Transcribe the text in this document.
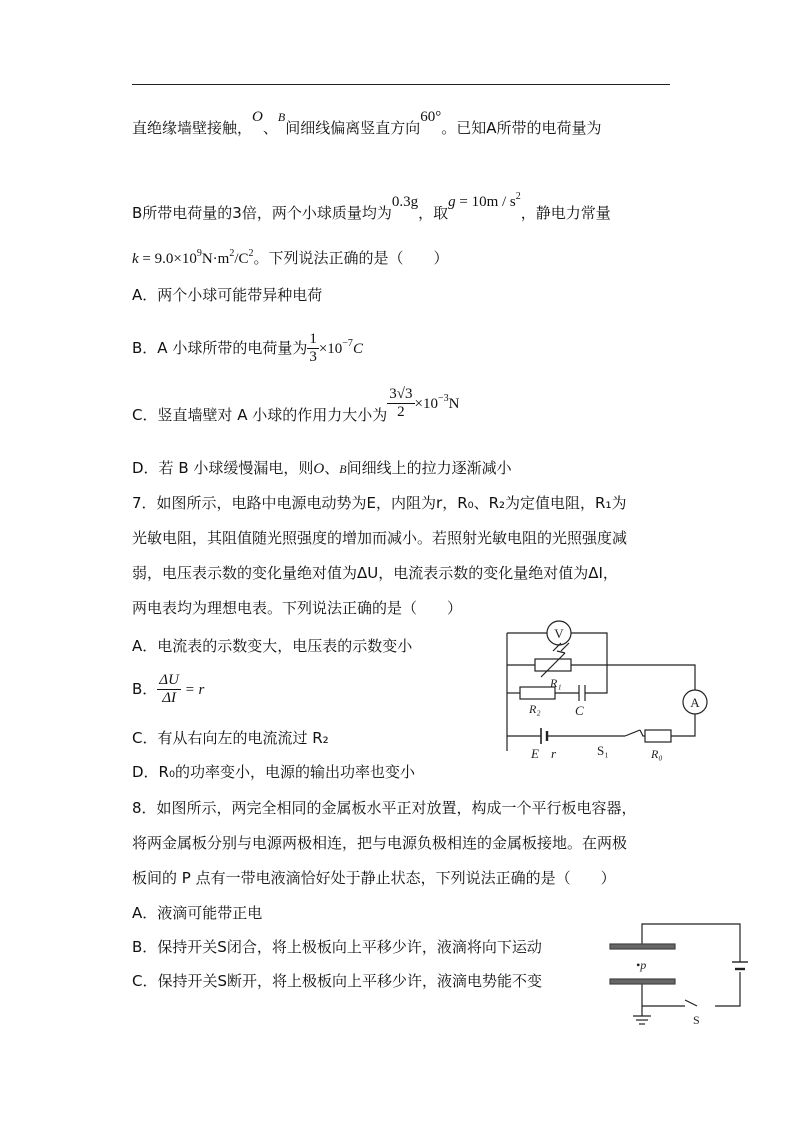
直绝缘墙壁接触，O、$^B$间细线偏离竖直方向60°。已知A所带的电荷量为
B所带电荷量的3倍，两个小球质量均为0.3g，取$g = 10m / s^2$，静电力常量
$k = 9.0\times 10^9N\cdot m^2/C^2$。下列说法正确的是（　　）
A．两个小球可能带异种电荷
B．A 小球所带的电荷量为 $\frac{1}{3} \times 10^{-7}C$
C．竖直墙壁对 A 小球的作用力大小为 $\frac{3√3}{2} \times 10^{-3}N$
D．若 B 小球缓慢漏电，则O、B间细线上的拉力逐渐减小
7．如图所示，电路中电源电动势为E，内阻为r，R₀、R₂为定值电阻，R₁为
光敏电阻，其阻值随光照强度的增加而减小。若照射光敏电阻的光照强度减
弱，电压表示数的变化量绝对值为ΔU，电流表示数的变化量绝对值为ΔI，
两电表均为理想电表。下列说法正确的是（　　）
A．电流表的示数变大，电压表的示数变小
B． $\frac{\Delta U}{\Delta I} = r$
C．有从右向左的电流流过 R₂
D．R₀的功率变小，电源的输出功率也变小
V
R₁
R₂	C
A
E r	S₁	R₀
8．如图所示，两完全相同的金属板水平正对放置，构成一个平行板电容器，
将两金属板分别与电源两极相连，把与电源负极相连的金属板接地。在两极
板间的 P 点有一带电液滴恰好处于静止状态，下列说法正确的是（　　）
A．液滴可能带正电
B．保持开关S闭合，将上极板向上平移少许，液滴将向下运动
C．保持开关S断开，将上极板向上平移少许，液滴电势能不变
•p
S
